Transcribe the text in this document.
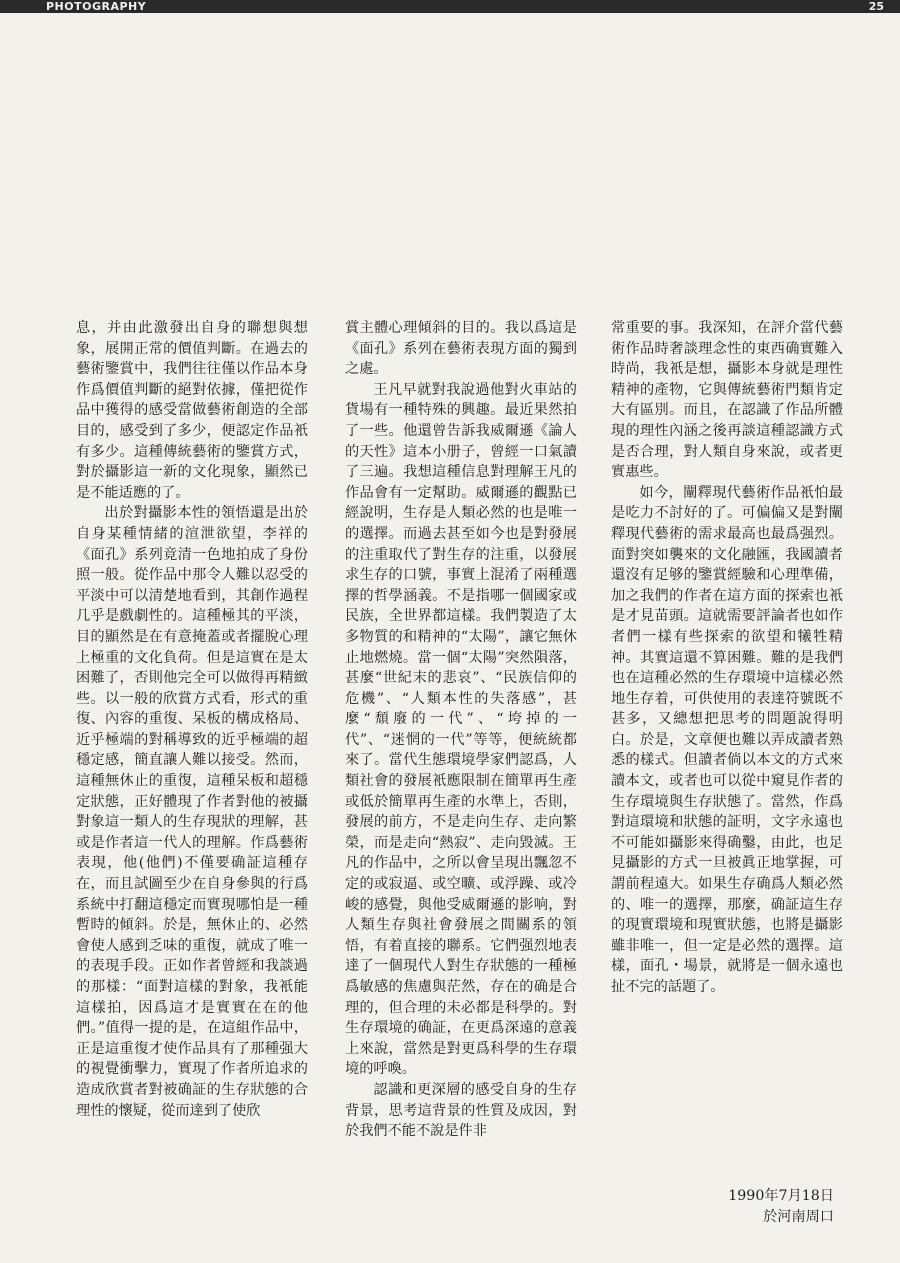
PHOTOGRAPHY	25

息，并由此激發出自身的聯想與想象，展開正常的價值判斷。在過去的藝術鑒賞中，我們往往僅以作品本身作爲價值判斷的絕對依據，僅把從作品中獲得的感受當做藝術創造的全部目的，感受到了多少，便認定作品衹有多少。這種傳統藝術的鑒賞方式，對於攝影這一新的文化現象，顯然已是不能适應的了。

出於對攝影本性的領悟還是出於自身某種情緒的渲泄欲望，李祥的《面孔》系列竟清一色地拍成了身份照一般。從作品中那令人難以忍受的平淡中可以清楚地看到，其創作過程几乎是戲劇性的。這種極其的平淡，目的顯然是在有意掩蓋或者擺脫心理上極重的文化負荷。但是這實在是太困難了，否則他完全可以做得再精緻些。以一般的欣賞方式看，形式的重復、內容的重復、呆板的構成格局、近乎極端的對稱導致的近乎極端的超穩定感，簡直讓人難以接受。然而，這種無休止的重復，這種呆板和超穩定狀態，正好體現了作者對他的被攝對象這一類人的生存現狀的理解，甚或是作者這一代人的理解。作爲藝術表現，他(他們)不僅要确証這種存在，而且試圖至少在自身參與的行爲系統中打翻這穩定而實現哪怕是一種暫時的傾斜。於是，無休止的、必然會使人感到乏味的重復，就成了唯一的表現手段。正如作者曾經和我談過的那樣：“面對這樣的對象，我衹能這樣拍，因爲這才是實實在在的他們。”值得一提的是，在這組作品中，正是這重復才使作品具有了那種强大的視覺衝擊力，實現了作者所追求的造成欣賞者對被确証的生存狀態的合理性的懷疑，從而達到了使欣

賞主體心理傾斜的目的。我以爲這是《面孔》系列在藝術表現方面的獨到之處。

王凡早就對我說過他對火車站的貨場有一種特殊的興趣。最近果然拍了一些。他還曾告訴我威爾遜《論人的天性》這本小册子，曾經一口氣讀了三遍。我想這種信息對理解王凡的作品會有一定幫助。威爾遜的觀點已經說明，生存是人類必然的也是唯一的選擇。而過去甚至如今也是對發展的注重取代了對生存的注重，以發展求生存的口號，事實上混淆了兩種選擇的哲學涵義。不是指哪一個國家或民族，全世界都這樣。我們製造了太多物質的和精神的“太陽”，讓它無休止地燃燒。當一個“太陽”突然隕落，甚麼“世紀末的悲哀”、“民族信仰的危機”、“人類本性的失落感”，甚麼“頹廢的一代”、“垮掉的一代”、“迷惘的一代”等等，便統統都來了。當代生態環境學家們認爲，人類社會的發展衹應限制在簡單再生產或低於簡單再生產的水準上，否則，發展的前方，不是走向生存、走向繁榮，而是走向“熱寂”、走向毀滅。王凡的作品中，之所以會呈現出飄忽不定的或寂逼、或空曠、或浮躁、或冷峻的感覺，與他受威爾遜的影响，對人類生存與社會發展之間關系的領悟，有着直接的聯系。它們强烈地表達了一個現代人對生存狀態的一種極爲敏感的焦慮與茫然，存在的确是合理的，但合理的未必都是科學的。對生存環境的确証，在更爲深遠的意義上來說，當然是對更爲科學的生存環境的呼喚。

認識和更深層的感受自身的生存背景，思考這背景的性質及成因，對於我們不能不說是件非

常重要的事。我深知，在評介當代藝術作品時奢談理念性的東西确實難入時尚，我衹是想，攝影本身就是理性精神的產物，它與傳統藝術門類肯定大有區別。而且，在認識了作品所體現的理性內涵之後再談這種認識方式是否合理，對人類自身來說，或者更實惠些。

如今，闡釋現代藝術作品衹怕最是吃力不討好的了。可偏偏又是對闡釋現代藝術的需求最高也最爲强烈。面對突如襲來的文化融匯，我國讀者還沒有足够的鑒賞經驗和心理準備，加之我們的作者在這方面的探索也衹是才見苗頭。這就需要評論者也如作者們一樣有些探索的欲望和犧牲精神。其實這還不算困難。難的是我們也在這種必然的生存環境中這樣必然地生存着，可供使用的表達符號既不甚多，又總想把思考的問題說得明白。於是，文章便也難以弄成讀者熟悉的樣式。但讀者倘以本文的方式來讀本文，或者也可以從中窺見作者的生存環境與生存狀態了。當然，作爲對這環境和狀態的証明，文字永遠也不可能如攝影來得确鑿，由此，也足見攝影的方式一旦被眞正地掌握，可謂前程遠大。如果生存确爲人類必然的、唯一的選擇，那麼，确証這生存的現實環境和現實狀態，也將是攝影雖非唯一，但一定是必然的選擇。這樣，面孔・場景，就將是一個永遠也扯不完的話題了。

1990年7月18日
於河南周口
